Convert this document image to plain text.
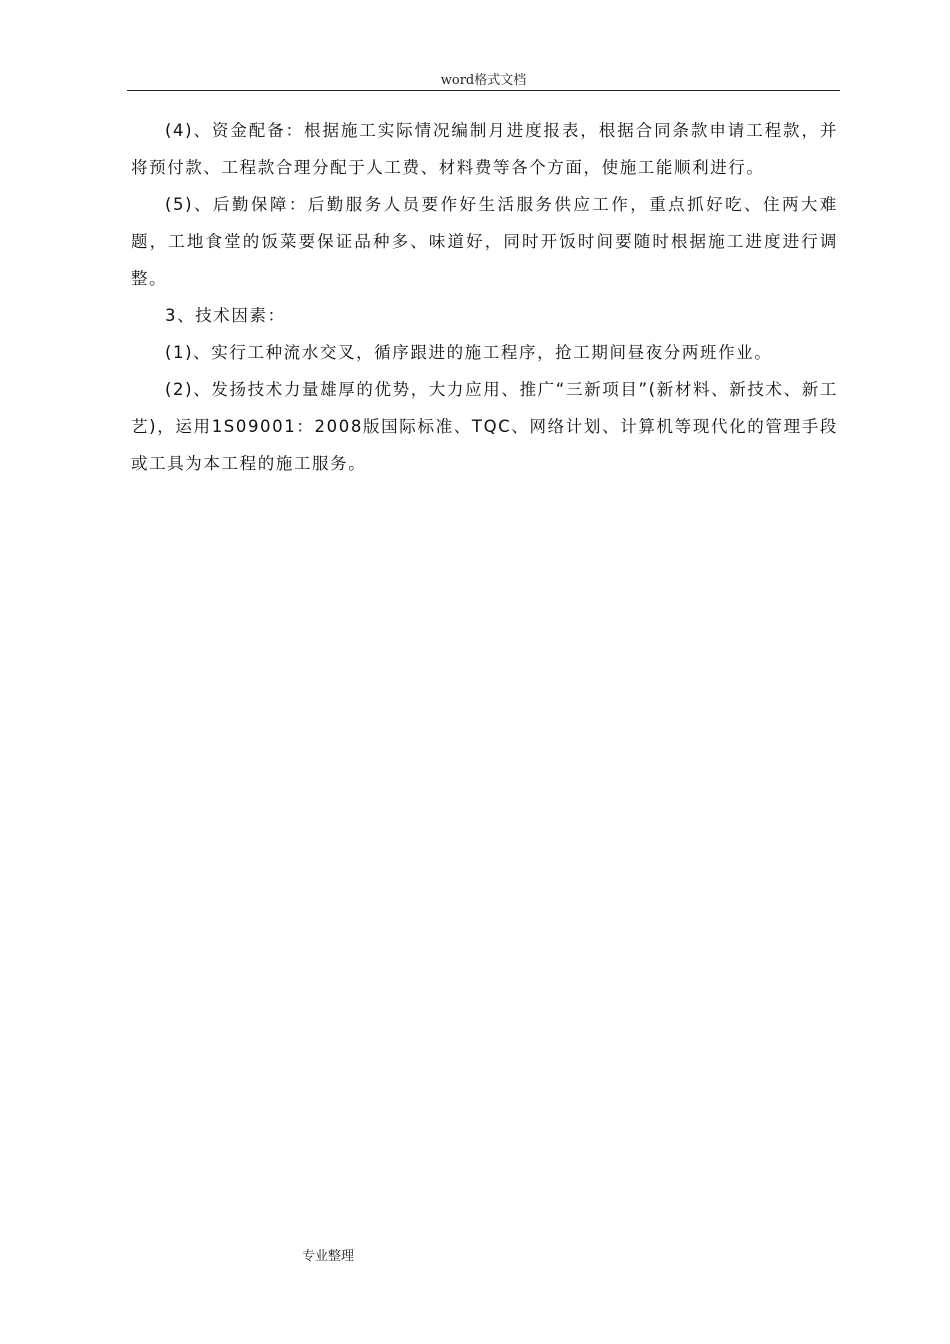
word格式文档

(4)、资金配备：根据施工实际情况编制月进度报表，根据合同条款申请工程款，并将预付款、工程款合理分配于人工费、材料费等各个方面，使施工能顺利进行。

(5)、后勤保障：后勤服务人员要作好生活服务供应工作，重点抓好吃、住两大难题，工地食堂的饭菜要保证品种多、味道好，同时开饭时间要随时根据施工进度进行调整。

3、技术因素：

(1)、实行工种流水交叉，循序跟进的施工程序，抢工期间昼夜分两班作业。

(2)、发扬技术力量雄厚的优势，大力应用、推广“三新项目”(新材料、新技术、新工艺)，运用1S09001：2008版国际标准、TQC、网络计划、计算机等现代化的管理手段或工具为本工程的施工服务。

专业整理
